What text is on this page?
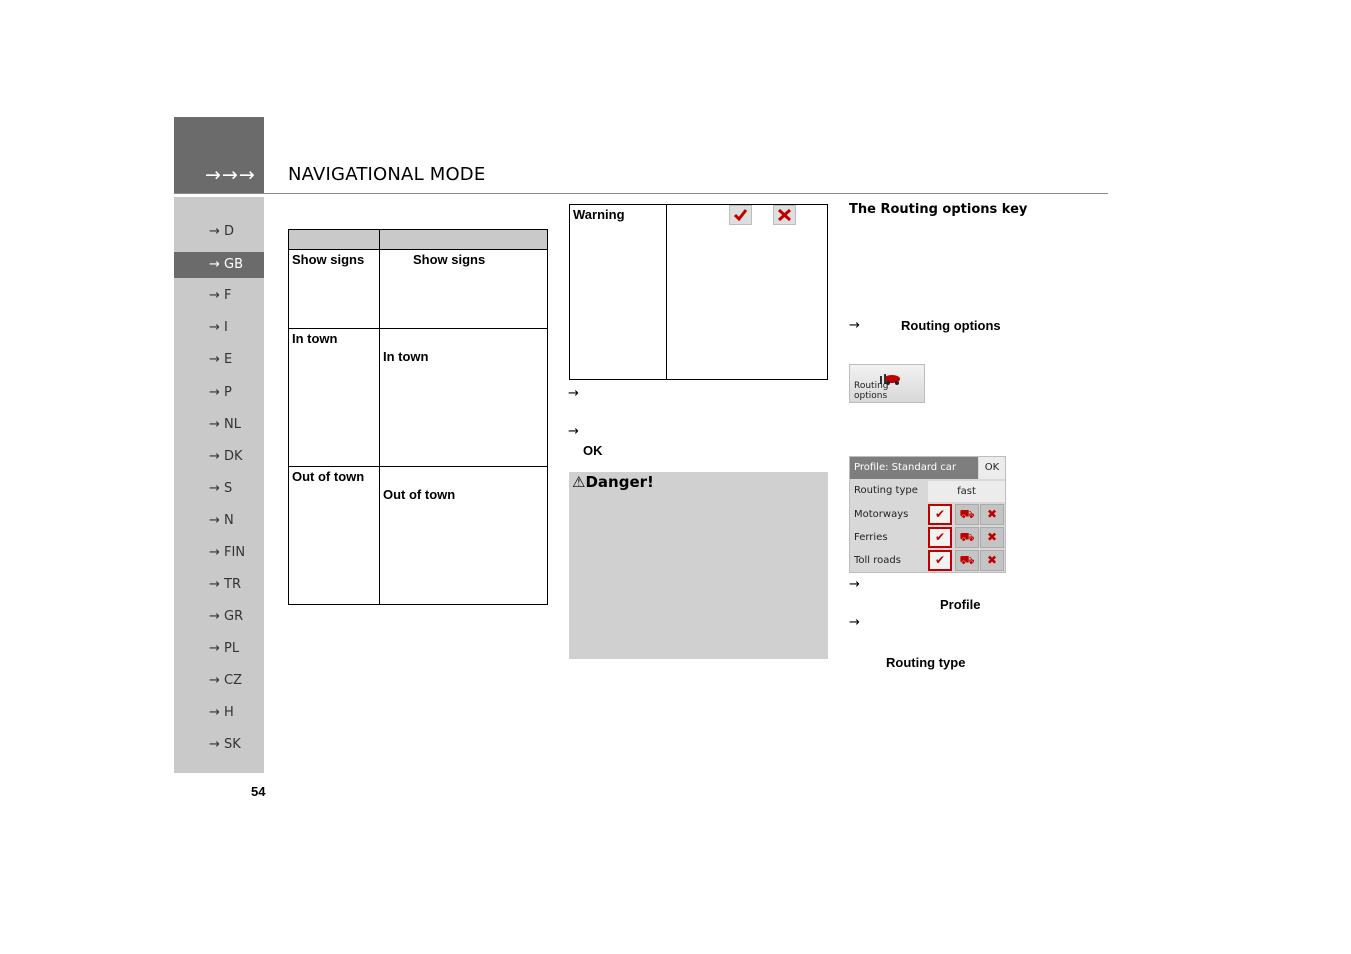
→→→ NAVIGATIONAL MODE
→ D
→ GB
→ F
→ I
→ E
→ P
→ NL
→ DK
→ S
→ N
→ FIN
→ TR
→ GR
→ PL
→ CZ
→ H
→ SK
54

Show signs	Show signs
In town	In town
Out of town	Out of town
Warning	
→
→
OK
⚠Danger!
The Routing options key
→	Routing options
Routing options
Profile: Standard car	OK
Routing type	fast
Motorways	✔	⛟	✖
Ferries	✔	⛟	✖
Toll roads	✔	⛟	✖
→
Profile
→
Routing type
